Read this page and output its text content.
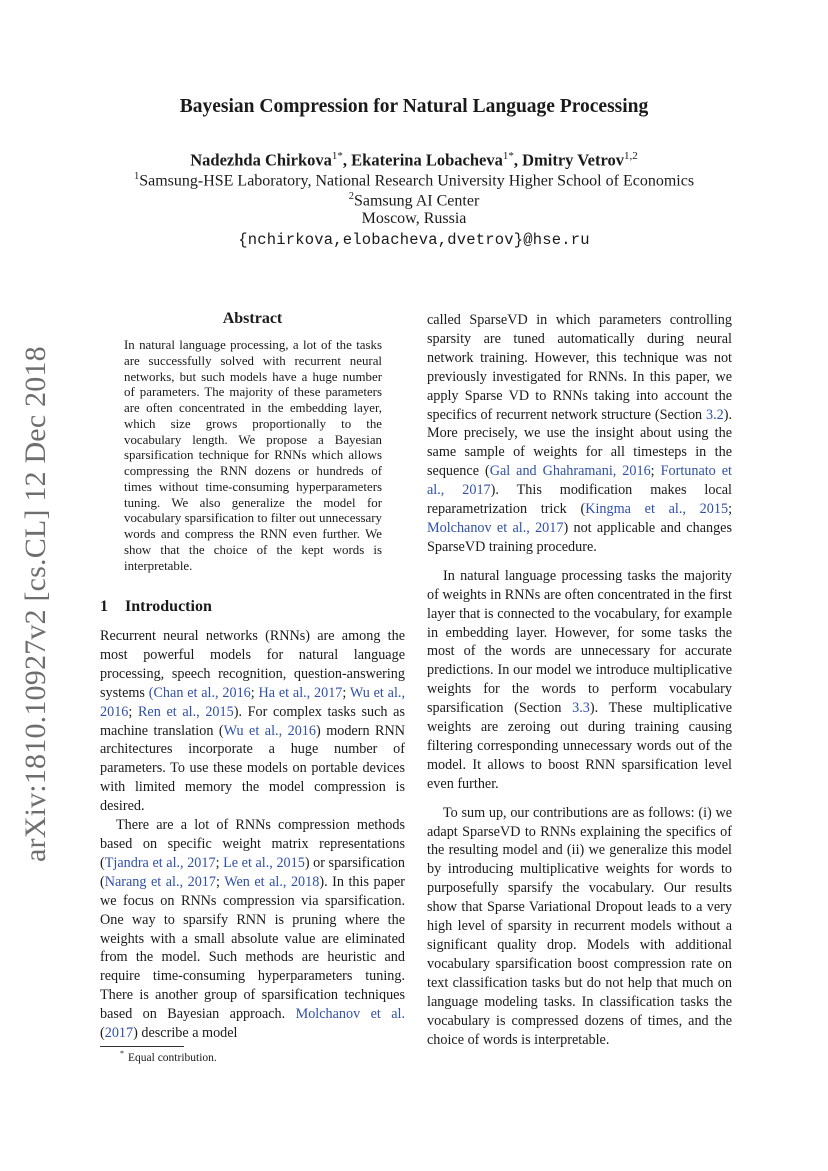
arXiv:1810.10927v2 [cs.CL] 12 Dec 2018
Bayesian Compression for Natural Language Processing
Nadezhda Chirkova$^{1*}$, Ekaterina Lobacheva$^{1*}$, Dmitry Vetrov$^{1,2}$
$^1$Samsung-HSE Laboratory, National Research University Higher School of Economics
$^2$Samsung AI Center
Moscow, Russia
{nchirkova,elobacheva,dvetrov}@hse.ru
Abstract
In natural language processing, a lot of the tasks are successfully solved with recurrent neural networks, but such models have a huge number of parameters. The majority of these parameters are often concentrated in the embedding layer, which size grows proportionally to the vocabulary length. We propose a Bayesian sparsification technique for RNNs which allows compressing the RNN dozens or hundreds of times without time-consuming hyperparameters tuning. We also generalize the model for vocabulary sparsification to filter out unnecessary words and compress the RNN even further. We show that the choice of the kept words is interpretable.
1 Introduction

Recurrent neural networks (RNNs) are among the most powerful models for natural language processing, speech recognition, question-answering systems (Chan et al., 2016; Ha et al., 2017; Wu et al., 2016; Ren et al., 2015). For complex tasks such as machine translation (Wu et al., 2016) modern RNN architectures incorporate a huge number of parameters. To use these models on portable devices with limited memory the model compression is desired.

There are a lot of RNNs compression methods based on specific weight matrix representations (Tjandra et al., 2017; Le et al., 2015) or sparsification (Narang et al., 2017; Wen et al., 2018). In this paper we focus on RNNs compression via sparsification. One way to sparsify RNN is pruning where the weights with a small absolute value are eliminated from the model. Such methods are heuristic and require time-consuming hyperparameters tuning. There is another group of sparsification techniques based on Bayesian approach. Molchanov et al. (2017) describe a model

called SparseVD in which parameters controlling sparsity are tuned automatically during neural network training. However, this technique was not previously investigated for RNNs. In this paper, we apply Sparse VD to RNNs taking into account the specifics of recurrent network structure (Section 3.2). More precisely, we use the insight about using the same sample of weights for all timesteps in the sequence (Gal and Ghahramani, 2016; Fortunato et al., 2017). This modification makes local reparametrization trick (Kingma et al., 2015; Molchanov et al., 2017) not applicable and changes SparseVD training procedure.

In natural language processing tasks the majority of weights in RNNs are often concentrated in the first layer that is connected to the vocabulary, for example in embedding layer. However, for some tasks the most of the words are unnecessary for accurate predictions. In our model we introduce multiplicative weights for the words to perform vocabulary sparsification (Section 3.3). These multiplicative weights are zeroing out during training causing filtering corresponding unnecessary words out of the model. It allows to boost RNN sparsification level even further.

To sum up, our contributions are as follows: (i) we adapt SparseVD to RNNs explaining the specifics of the resulting model and (ii) we generalize this model by introducing multiplicative weights for words to purposefully sparsify the vocabulary. Our results show that Sparse Variational Dropout leads to a very high level of sparsity in recurrent models without a significant quality drop. Models with additional vocabulary sparsification boost compression rate on text classification tasks but do not help that much on language modeling tasks. In classification tasks the vocabulary is compressed dozens of times, and the choice of words is interpretable.

* Equal contribution.
